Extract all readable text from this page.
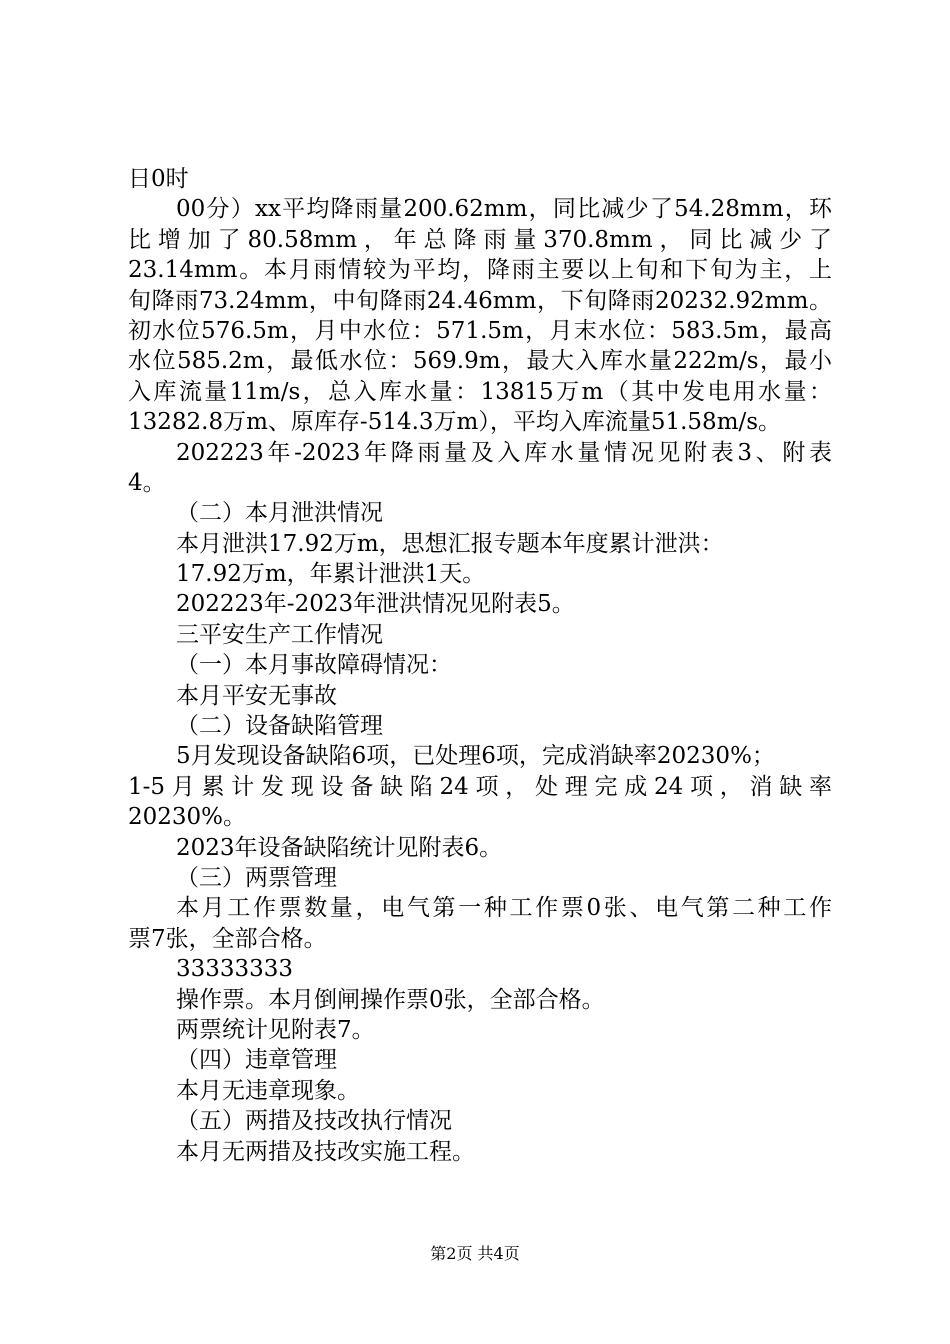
日0时
0​0​分​）​x​x​平​均​降​雨​量​2​0​0​.​6​2​m​m​，​同​比​减​少​了​5​4​.​2​8​m​m​，​环
比​增​加​了​8​0​.​5​8​m​m​，​年​总​降​雨​量​3​7​0​.​8​m​m​，​同​比​减​少​了
2​3​.​1​4​m​m​。​本​月​雨​情​较​为​平​均​，​降​雨​主​要​以​上​旬​和​下​旬​为​主​，​上
旬​降​雨​7​3​.​2​4​m​m​，​中​旬​降​雨​2​4​.​4​6​m​m​，​下​旬​降​雨​2​0​2​3​2​.​9​2​m​m​。​
初​水​位​5​7​6​.​5​m​，​月​中​水​位​：​5​7​1​.​5​m​，​月​末​水​位​：​5​8​3​.​5​m​，​最​高
水​位​5​8​5​.​2​m​，​最​低​水​位​：​5​6​9​.​9​m​，​最​大​入​库​水​量​2​2​2​m​/​s​，​最​小
入​库​流​量​1​1​m​/​s​，​总​入​库​水​量​：​1​3​8​1​5​万​m​（​其​中​发​电​用​水​量​：
13282.8万m、原库存-514.3万m），平均入库流量51.58m/s。
2​0​2​2​2​3​年​-​2​0​2​3​年​降​雨​量​及​入​库​水​量​情​况​见​附​表​3​、​附​表
4。
（二）本月泄洪情况
本月泄洪17.92万m，思想汇报专题本年度累计泄洪：
17.92万m，年累计泄洪1天。
202223年-2023年泄洪情况见附表5。
三平安生产工作情况
（一）本月事故障碍情况：
本月平安无事故
（二）设备缺陷管理
5月发现设备缺陷6项，已处理6项，完成消缺率20230%；
1​-​5​月​累​计​发​现​设​备​缺​陷​2​4​项​，​处​理​完​成​2​4​项​，​消​缺​率
20230%。
2023年设备缺陷统计见附表6。
（三）两票管理
本​月​工​作​票​数​量​，​电​气​第​一​种​工​作​票​0​张​、​电​气​第​二​种​工​作
票7张，全部合格。
33333333
操作票。本月倒闸操作票0张，全部合格。
两票统计见附表7。
（四）违章管理
本月无违章现象。
（五）两措及技改执行情况
本月无两措及技改实施工程。
第2页 共4页
